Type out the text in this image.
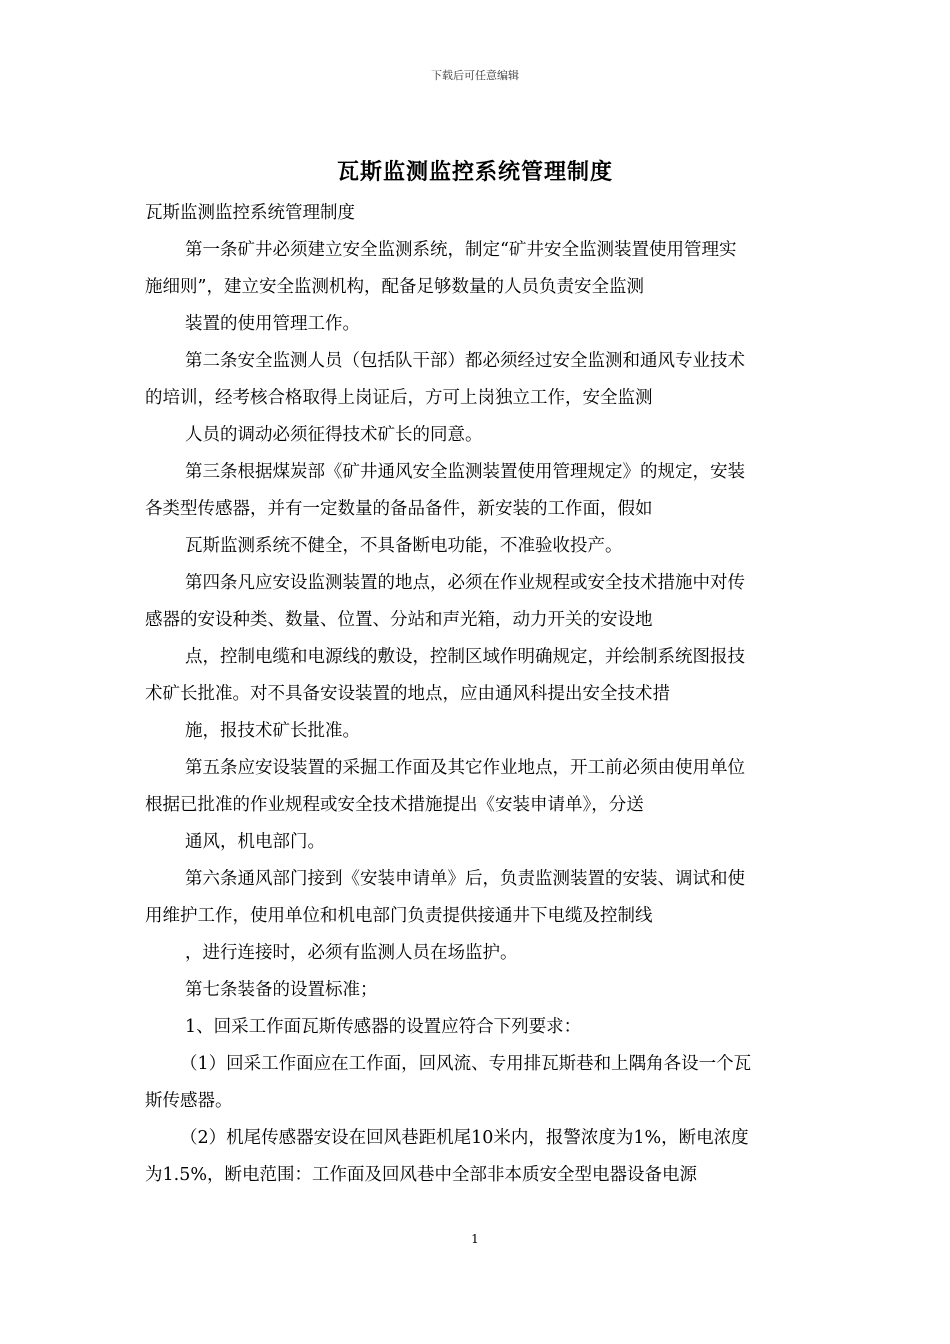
下载后可任意编辑
瓦斯监测监控系统管理制度
瓦斯监测监控系统管理制度
第一条矿井必须建立安全监测系统，制定“矿井安全监测装置使用管理实
施细则”，建立安全监测机构，配备足够数量的人员负责安全监测
装置的使用管理工作。
第二条安全监测人员（包括队干部）都必须经过安全监测和通风专业技术
的培训，经考核合格取得上岗证后，方可上岗独立工作，安全监测
人员的调动必须征得技术矿长的同意。
第三条根据煤炭部《矿井通风安全监测装置使用管理规定》的规定，安装
各类型传感器，并有一定数量的备品备件，新安装的工作面，假如
瓦斯监测系统不健全，不具备断电功能，不准验收投产。
第四条凡应安设监测装置的地点，必须在作业规程或安全技术措施中对传
感器的安设种类、数量、位置、分站和声光箱，动力开关的安设地
点，控制电缆和电源线的敷设，控制区域作明确规定，并绘制系统图报技
术矿长批准。对不具备安设装置的地点，应由通风科提出安全技术措
施，报技术矿长批准。
第五条应安设装置的采掘工作面及其它作业地点，开工前必须由使用单位
根据已批准的作业规程或安全技术措施提出《安装申请单》，分送
通风，机电部门。
第六条通风部门接到《安装申请单》后，负责监测装置的安装、调试和使
用维护工作，使用单位和机电部门负责提供接通井下电缆及控制线
，进行连接时，必须有监测人员在场监护。
第七条装备的设置标准；
1、回采工作面瓦斯传感器的设置应符合下列要求：
（1）回采工作面应在工作面，回风流、专用排瓦斯巷和上隅角各设一个瓦
斯传感器。
（2）机尾传感器安设在回风巷距机尾10米内，报警浓度为1%，断电浓度
为1.5%，断电范围：工作面及回风巷中全部非本质安全型电器设备电源
1
